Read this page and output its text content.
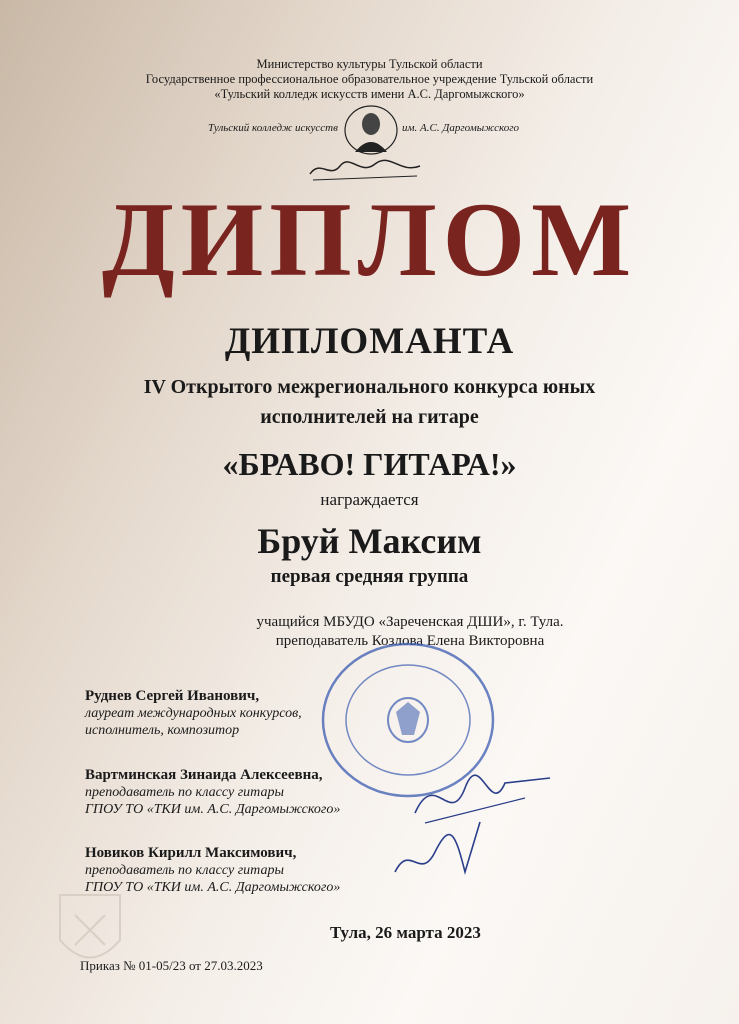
Министерство культуры Тульской области
Государственное профессиональное образовательное учреждение Тульской области
«Тульский колледж искусств имени А.С. Даргомыжского»
Тульский колледж искусств	им. А.С. Даргомыжского
ДИПЛОМ
ДИПЛОМАНТА
IV Открытого межрегионального конкурса юных
исполнителей на гитаре
«БРАВО! ГИТАРА!»
награждается
Бруй Максим
первая средняя группа
учащийся МБУДО «Зареченская ДШИ», г. Тула.
преподаватель Козлова Елена Викторовна
Руднев Сергей Иванович,
лауреат международных конкурсов,
исполнитель, композитор
Вартминская Зинаида Алексеевна,
преподаватель по классу гитары
ГПОУ ТО «ТКИ им. А.С. Даргомыжского»
Новиков Кирилл Максимович,
преподаватель по классу гитары
ГПОУ ТО «ТКИ им. А.С. Даргомыжского»
Тула, 26 марта 2023
Приказ № 01-05/23 от 27.03.2023
